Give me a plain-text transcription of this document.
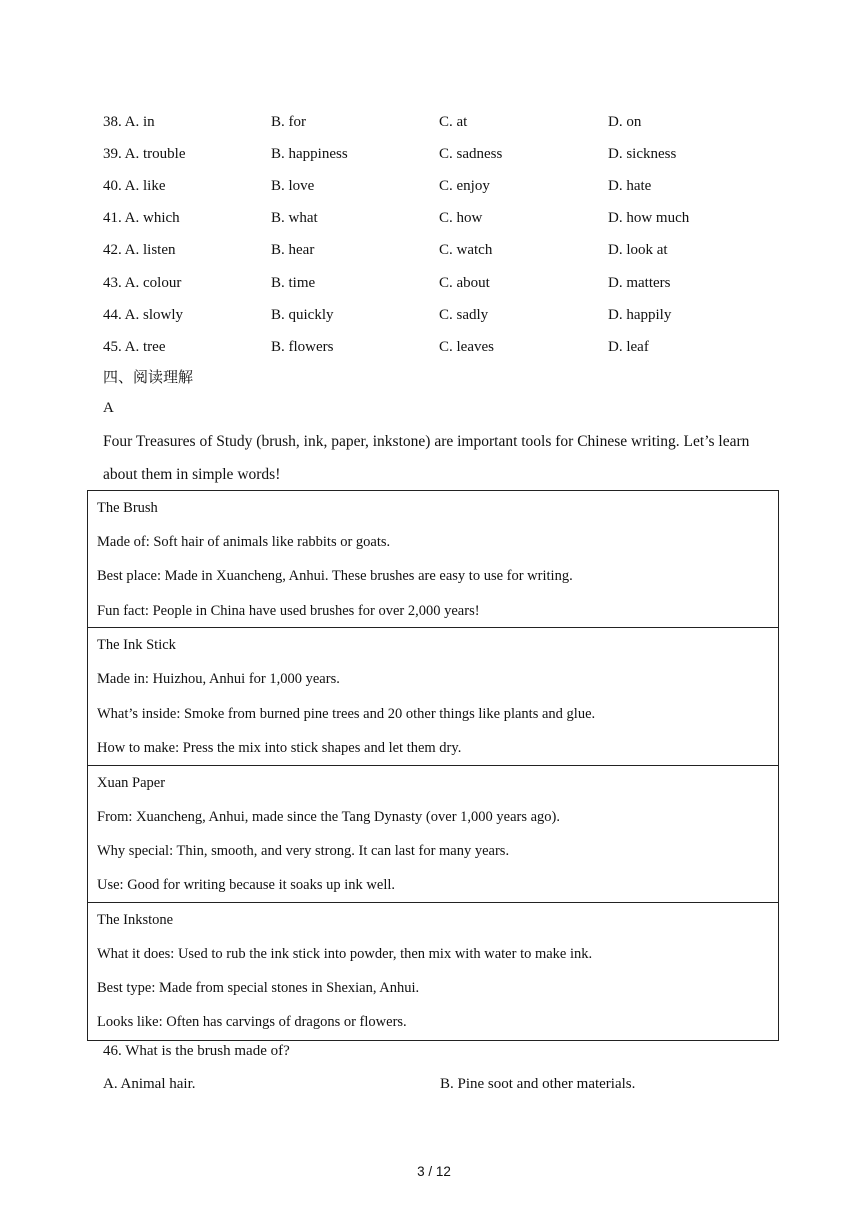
38. A. in	B. for	C. at	D. on
39. A. trouble	B. happiness	C. sadness	D. sickness
40. A. like	B. love	C. enjoy	D. hate
41. A. which	B. what	C. how	D. how much
42. A. listen	B. hear	C. watch	D. look at
43. A. colour	B. time	C. about	D. matters
44. A. slowly	B. quickly	C. sadly	D. happily
45. A. tree	B. flowers	C. leaves	D. leaf
四、阅读理解
A
Four Treasures of Study (brush, ink, paper, inkstone) are important tools for Chinese writing. Let’s learn about them in simple words!
The Brush
Made of: Soft hair of animals like rabbits or goats.
Best place: Made in Xuancheng, Anhui. These brushes are easy to use for writing.
Fun fact: People in China have used brushes for over 2,000 years!
The Ink Stick
Made in: Huizhou, Anhui for 1,000 years.
What’s inside: Smoke from burned pine trees and 20 other things like plants and glue.
How to make: Press the mix into stick shapes and let them dry.
Xuan Paper
From: Xuancheng, Anhui, made since the Tang Dynasty (over 1,000 years ago).
Why special: Thin, smooth, and very strong. It can last for many years.
Use: Good for writing because it soaks up ink well.
The Inkstone
What it does: Used to rub the ink stick into powder, then mix with water to make ink.
Best type: Made from special stones in Shexian, Anhui.
Looks like: Often has carvings of dragons or flowers.
46. What is the brush made of?
A. Animal hair.	B. Pine soot and other materials.
3 / 12
